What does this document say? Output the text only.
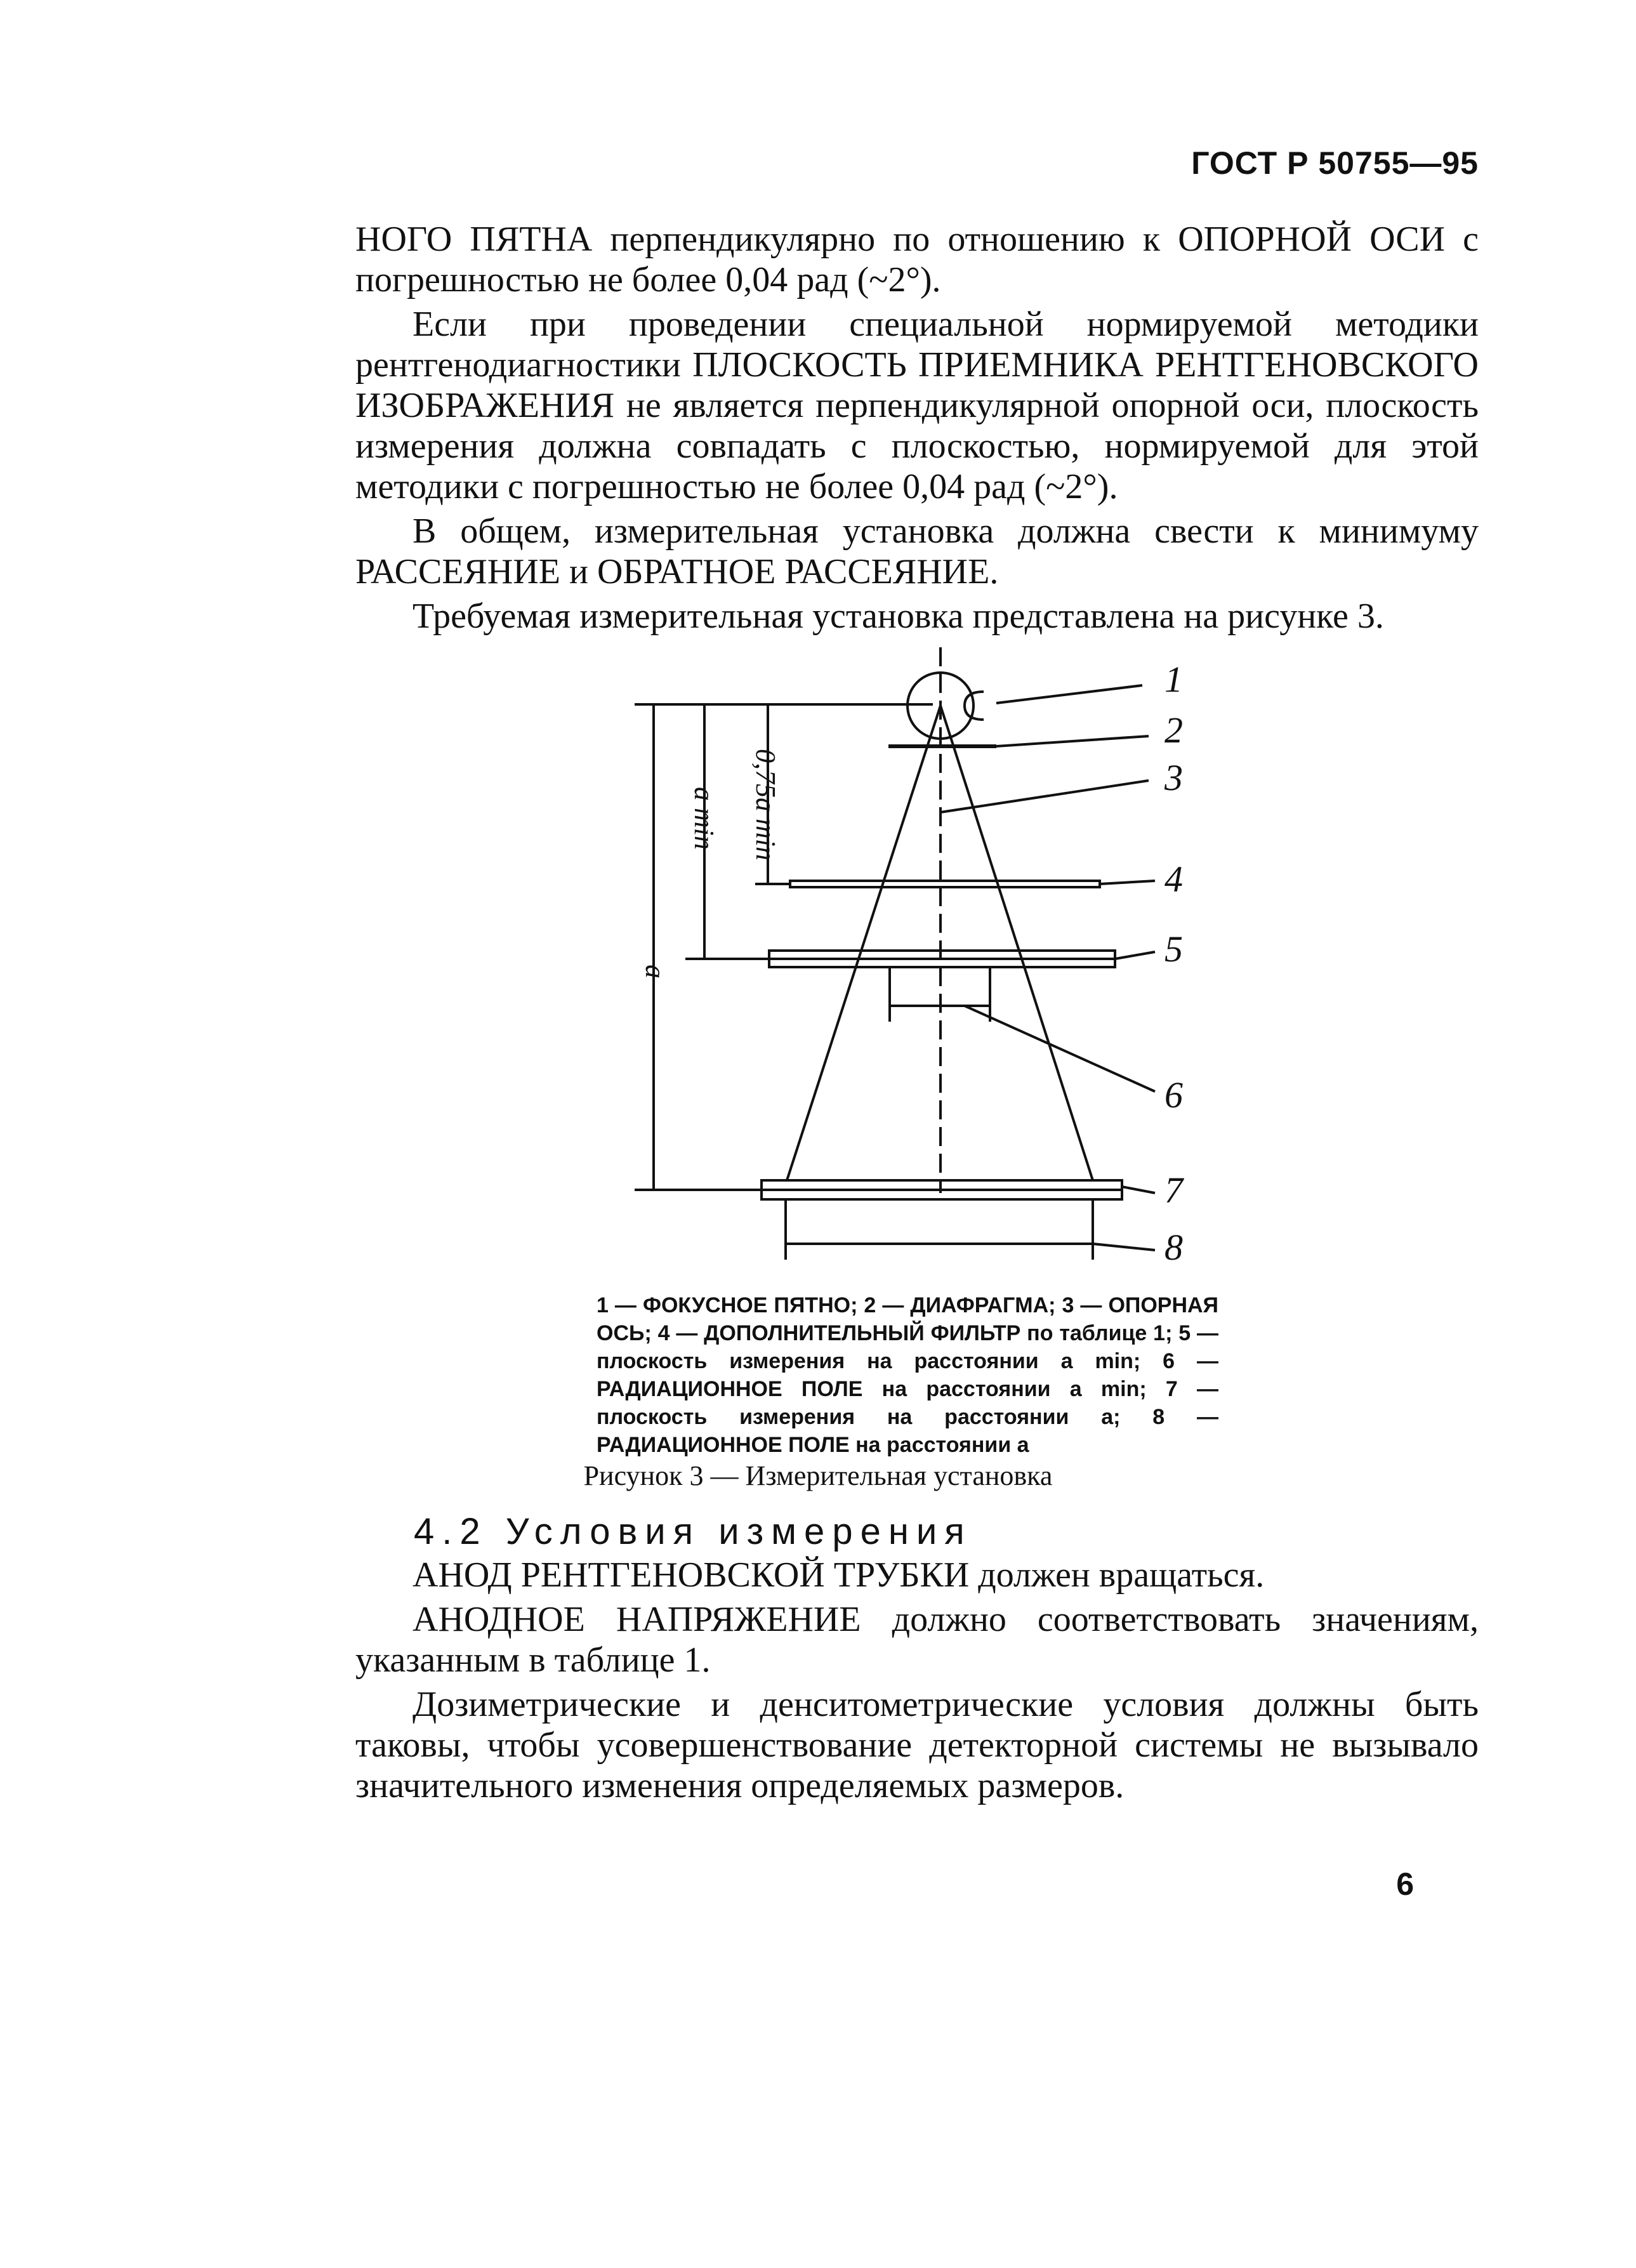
ГОСТ Р 50755—95

НОГО ПЯТНА перпендикулярно по отношению к ОПОРНОЙ ОСИ с погрешностью не более 0,04 рад (~2°).

Если при проведении специальной нормируемой методики рентгенодиагностики ПЛОСКОСТЬ ПРИЕМНИКА РЕНТГЕНОВСКОГО ИЗОБРАЖЕНИЯ не является перпендикулярной опорной оси, плоскость измерения должна совпадать с плоскостью, нормируемой для этой методики с погрешностью не более 0,04 рад (~2°).

В общем, измерительная установка должна свести к минимуму РАССЕЯНИЕ и ОБРАТНОЕ РАССЕЯНИЕ.

Требуемая измерительная установка представлена на рисунке 3.

1
2
3
4
5
6
7
8
a
a min 0,75a min
1 — ФОКУСНОЕ ПЯТНО; 2 — ДИАФРАГМА; 3 — ОПОРНАЯ ОСЬ; 4 — ДОПОЛНИТЕЛЬНЫЙ ФИЛЬТР по таблице 1; 5 — плоскость измерения на расстоянии a min; 6 — РАДИАЦИОННОЕ ПОЛЕ на расстоянии a min; 7 — плоскость измерения на расстоянии a; 8 — РАДИАЦИОННОЕ ПОЛЕ на расстоянии a
Рисунок 3 — Измерительная установка
4.2 Условия измерения

АНОД РЕНТГЕНОВСКОЙ ТРУБКИ должен вращаться.

АНОДНОЕ НАПРЯЖЕНИЕ должно соответствовать значениям, указанным в таблице 1.

Дозиметрические и денситометрические условия должны быть таковы, чтобы усовершенствование детекторной системы не вызывало значительного изменения определяемых размеров.

6
